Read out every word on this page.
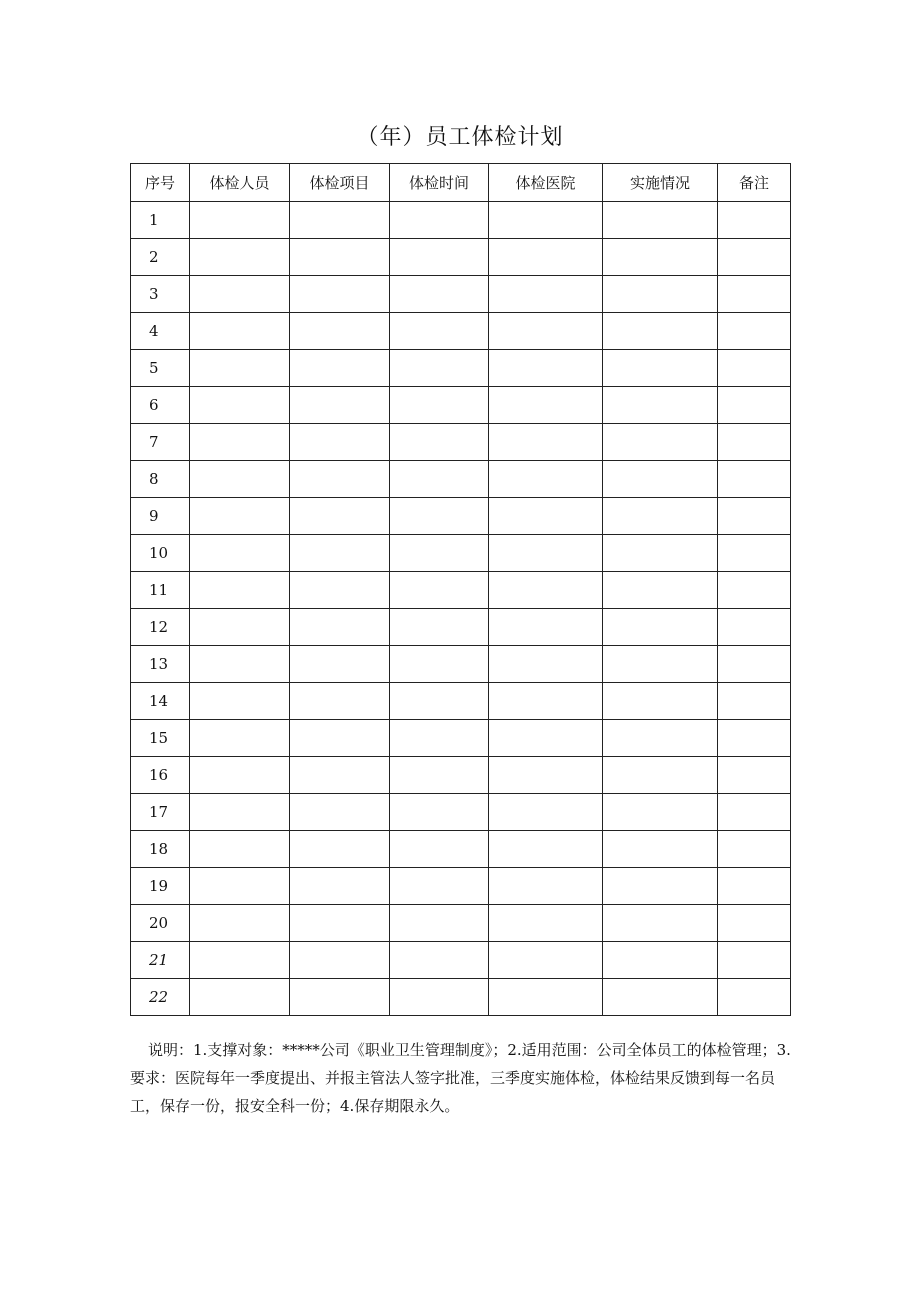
（年）员工体检计划
序号	体检人员	体检项目	体检时间	体检医院	实施情况	备注
1						
2						
3						
4						
5						
6						
7						
8						
9						
10						
11						
12						
13						
14						
15						
16						
17						
18						
19						
20						
21						
22						
说明：1.支撑对象：*****公司《职业卫生管理制度》；2.适用范围：公司全体员工的体检管理；3.要求：医院每年一季度提出、并报主管法人签字批准，三季度实施体检，体检结果反馈到每一名员工，保存一份，报安全科一份；4.保存期限永久。
